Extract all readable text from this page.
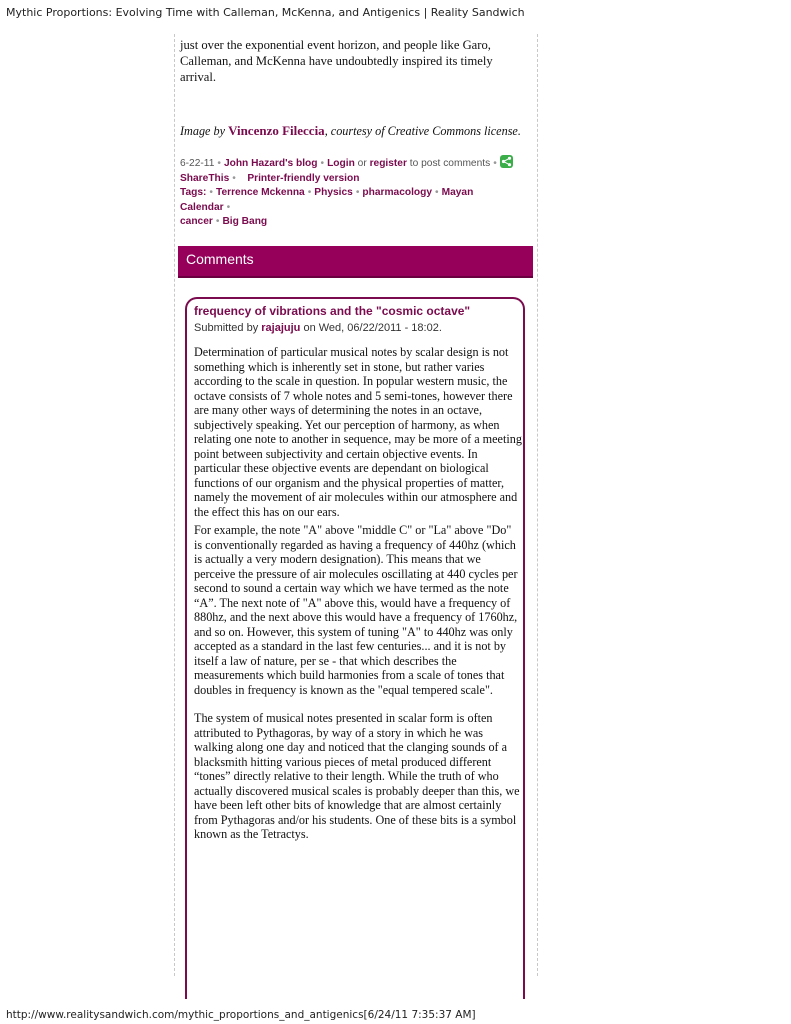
Mythic Proportions: Evolving Time with Calleman, McKenna, and Antigenics | Reality Sandwich

just over the exponential event horizon, and people like Garo,
Calleman, and McKenna have undoubtedly inspired its timely
arrival.

Image by Vincenzo Fileccia, courtesy of Creative Commons license.
6-22-11 • John Hazard's blog • Login or register to post comments •
ShareThis • Printer-friendly version
Tags: • Terrence Mckenna • Physics • pharmacology • Mayan Calendar •
cancer • Big Bang
Comments
frequency of vibrations and the "cosmic octave"
Submitted by rajajuju on Wed, 06/22/2011 - 18:02.

Determination of particular musical notes by scalar design is not something which is inherently set in stone, but rather varies according to the scale in question. In popular western music, the octave consists of 7 whole notes and 5 semi-tones, however there are many other ways of determining the notes in an octave, subjectively speaking. Yet our perception of harmony, as when relating one note to another in sequence, may be more of a meeting point between subjectivity and certain objective events. In particular these objective events are dependant on biological functions of our organism and the physical properties of matter, namely the movement of air molecules within our atmosphere and the effect this has on our ears.

For example, the note "A" above "middle C" or "La" above "Do" is conventionally regarded as having a frequency of 440hz (which is actually a very modern designation). This means that we perceive the pressure of air molecules oscillating at 440 cycles per second to sound a certain way which we have termed as the note “A”. The next note of "A" above this, would have a frequency of 880hz, and the next above this would have a frequency of 1760hz, and so on. However, this system of tuning "A" to 440hz was only accepted as a standard in the last few centuries... and it is not by itself a law of nature, per se - that which describes the measurements which build harmonies from a scale of tones that doubles in frequency is known as the "equal tempered scale".

The system of musical notes presented in scalar form is often attributed to Pythagoras, by way of a story in which he was walking along one day and noticed that the clanging sounds of a blacksmith hitting various pieces of metal produced different “tones” directly relative to their length. While the truth of who actually discovered musical scales is probably deeper than this, we have been left other bits of knowledge that are almost certainly from Pythagoras and/or his students. One of these bits is a symbol known as the Tetractys.

http://www.realitysandwich.com/mythic_proportions_and_antigenics[6/24/11 7:35:37 AM]
